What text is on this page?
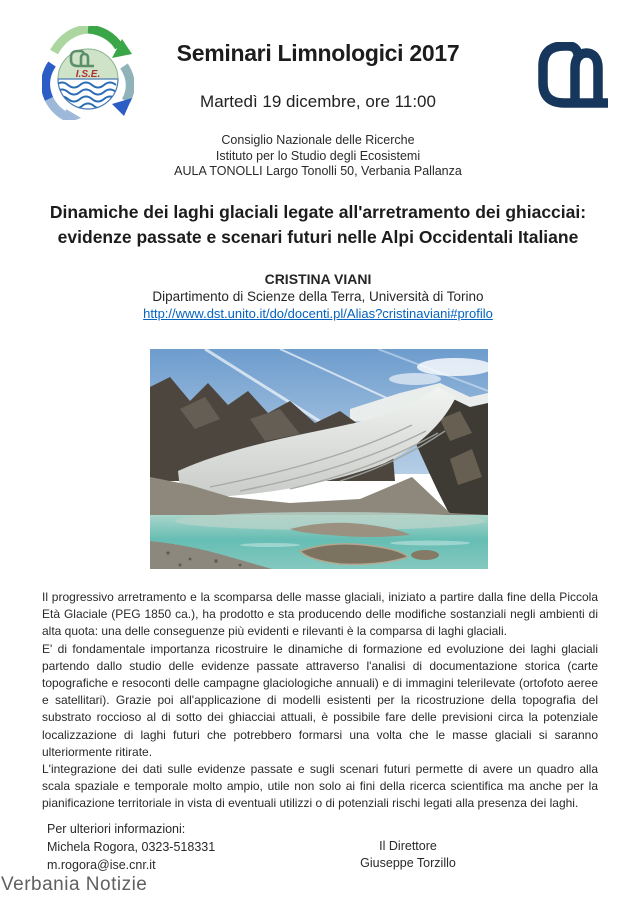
I.S.E.
Seminari Limnologici 2017
Martedì 19 dicembre, ore 11:00
Consiglio Nazionale delle Ricerche
Istituto per lo Studio degli Ecosistemi
AULA TONOLLI Largo Tonolli 50, Verbania Pallanza
Dinamiche dei laghi glaciali legate all'arretramento dei ghiacciai:
evidenze passate e scenari futuri nelle Alpi Occidentali Italiane
CRISTINA VIANI
Dipartimento di Scienze della Terra, Università di Torino
http://www.dst.unito.it/do/docenti.pl/Alias?cristinaviani#profilo

Il progressivo arretramento e la scomparsa delle masse glaciali, iniziato a partire dalla fine della Piccola Età Glaciale (PEG 1850 ca.), ha prodotto e sta producendo delle modifiche sostanziali negli ambienti di alta quota: una delle conseguenze più evidenti e rilevanti è la comparsa di laghi glaciali.

E' di fondamentale importanza ricostruire le dinamiche di formazione ed evoluzione dei laghi glaciali partendo dallo studio delle evidenze passate attraverso l'analisi di documentazione storica (carte topografiche e resoconti delle campagne glaciologiche annuali) e di immagini telerilevate (ortofoto aeree e satellitari). Grazie poi all'applicazione di modelli esistenti per la ricostruzione della topografia del substrato roccioso al di sotto dei ghiacciai attuali, è possibile fare delle previsioni circa la potenziale localizzazione di laghi futuri che potrebbero formarsi una volta che le masse glaciali si saranno ulteriormente ritirate.

L'integrazione dei dati sulle evidenze passate e sugli scenari futuri permette di avere un quadro alla scala spaziale e temporale molto ampio, utile non solo ai fini della ricerca scientifica ma anche per la pianificazione territoriale in vista di eventuali utilizzi o di potenziali rischi legati alla presenza dei laghi.

Per ulteriori informazioni:
Michela Rogora, 0323-518331
m.rogora@ise.cnr.it
Il Direttore
Giuseppe Torzillo
Verbania Notizie
